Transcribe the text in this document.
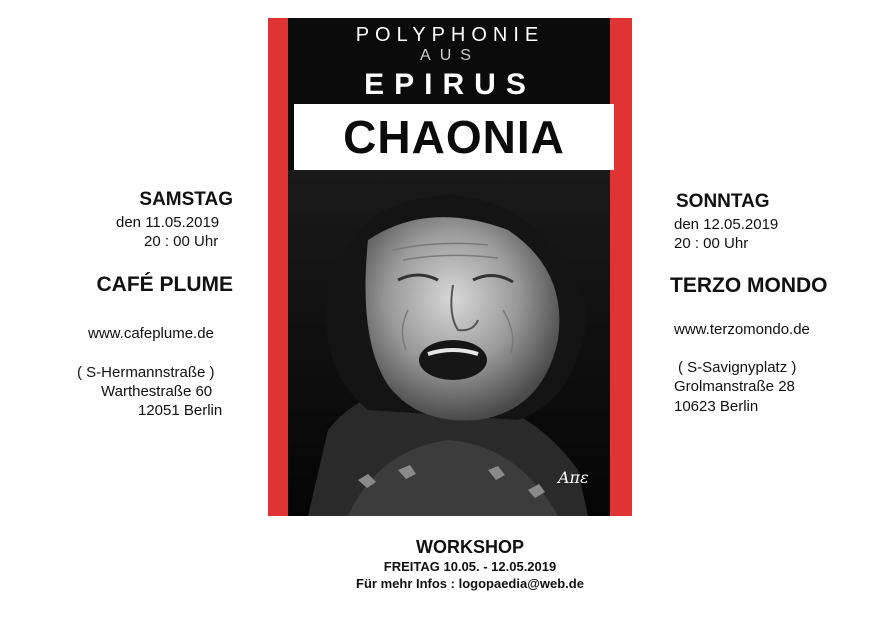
SAMSTAG
den 11.05.2019
20 : 00 Uhr
CAFÉ PLUME
www.cafeplume.de
( S-Hermannstraße )
Warthestraße 60
12051 Berlin
POLYPHONIE
AUS
EPIRUS
CHAONIA
Aπε
SONNTAG
den 12.05.2019
20 : 00 Uhr
TERZO MONDO
www.terzomondo.de
( S-Savignyplatz )
Grolmanstraße 28
10623 Berlin
WORKSHOP
FREITAG 10.05. - 12.05.2019
Für mehr Infos : logopaedia@web.de
